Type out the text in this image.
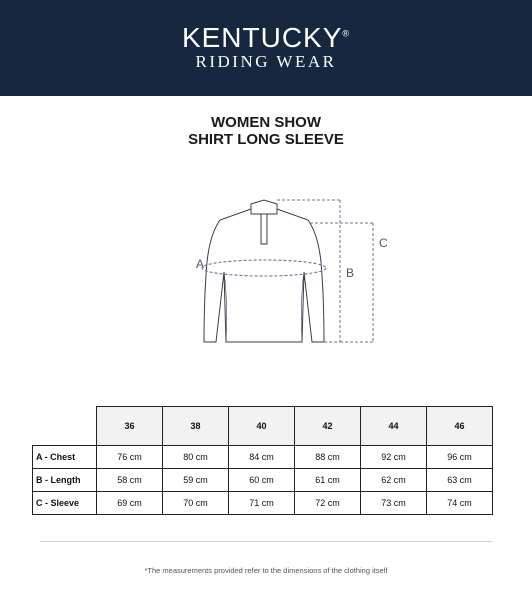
KENTUCKY®
RIDING WEAR
WOMEN SHOW
SHIRT LONG SLEEVE
A
B
C
	36	38	40	42	44	46
A - Chest	76 cm	80 cm	84 cm	88 cm	92 cm	96 cm
B - Length	58 cm	59 cm	60 cm	61 cm	62 cm	63 cm
C - Sleeve	69 cm	70 cm	71 cm	72 cm	73 cm	74 cm
*The measurements provided refer to the dimensions of the clothing itself
